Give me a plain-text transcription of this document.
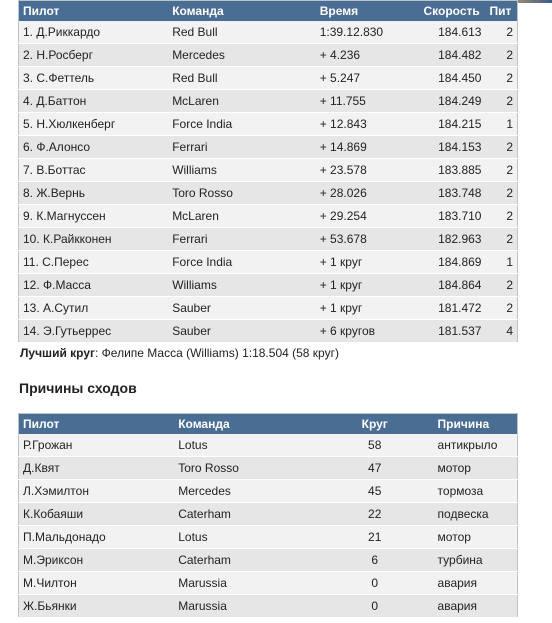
Пилот	Команда	Время	Скорость	Пит
1. Д.Риккардо	Red Bull	1:39.12.830	184.613	2
2. Н.Росберг	Mercedes	+ 4.236	184.482	2
3. С.Феттель	Red Bull	+ 5.247	184.450	2
4. Д.Баттон	McLaren	+ 11.755	184.249	2
5. Н.Хюлкенберг	Force India	+ 12.843	184.215	1
6. Ф.Алонсо	Ferrari	+ 14.869	184.153	2
7. В.Боттас	Williams	+ 23.578	183.885	2
8. Ж.Вернь	Toro Rosso	+ 28.026	183.748	2
9. К.Магнуссен	McLaren	+ 29.254	183.710	2
10. К.Райкконен	Ferrari	+ 53.678	182.963	2
11. С.Перес	Force India	+ 1 круг	184.869	1
12. Ф.Масса	Williams	+ 1 круг	184.864	2
13. А.Сутил	Sauber	+ 1 круг	181.472	2
14. Э.Гутьеррес	Sauber	+ 6 кругов	181.537	4
Лучший круг: Фелипе Масса (Williams) 1:18.504 (58 круг)
Причины сходов
Пилот	Команда	Круг	Причина
Р.Грожан	Lotus	58	антикрыло
Д.Квят	Toro Rosso	47	мотор
Л.Хэмилтон	Mercedes	45	тормоза
К.Кобаяши	Caterham	22	подвеска
П.Мальдонадо	Lotus	21	мотор
М.Эриксон	Caterham	6	турбина
М.Чилтон	Marussia	0	авария
Ж.Бьянки	Marussia	0	авария
